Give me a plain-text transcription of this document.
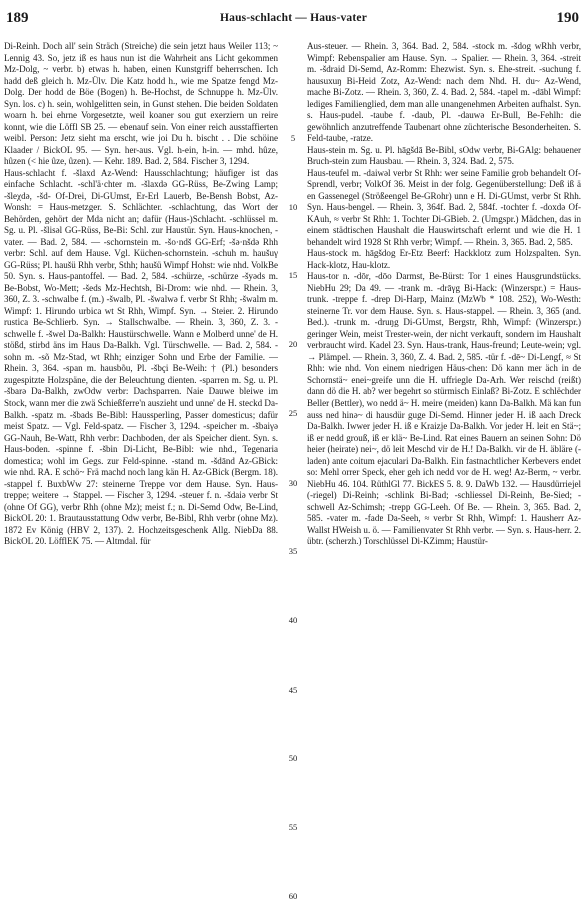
189	Haus-schlacht — Haus-vater	190

Di-Reinh. Doch all' sein Sträch (Streiche) die sein jetzt haus Weiler 113; ~ Lennig 43. So, jetz iß es haus nun ist die Wahrheit ans Licht gekommen Mz-Dolg, ~ verbr. b) etwas h. haben, einen Kunstgriff beherrschen. Ich hadd deß gleich h. Mz-Ülv. Die Katz hodd h., wie me Spatze fengd Mz-Dolg. Der hodd de Böe (Bogen) h. Be-Hochst, de Schnuppe h. Mz-Ülv. Syn. los. c) h. sein, wohlgelitten sein, in Gunst stehen. Die beiden Soldaten woarn h. bei ehrne Vorgesetzte, weil koaner sou gut exerziern un reire konnt, wie die Löffl SB 25. — ebenauf sein. Von einer reich ausstaffierten weibl. Person: Jetz sieht ma erscht, wie joi Du h. bischt . . Die schöine Klaader / BickOL 95. — Syn. her-aus. Vgl. h-ein, h-in. — mhd. hûze, hûzen (< hie ûze, ûzen). — Kehr. 189. Bad. 2, 584. Fischer 3, 1294.

Haus-schlacht f. -šlaxd Az-Wend: Hausschlachtung; häufiger ist das einfache Schlacht. -schl'ä·chter m. -šlaxdə GG-Rüss, Be-Zwing Lamp; -šleχdə, -šd- Of-Drei, Di-GUmst, Er-Erl Lauerb, Be-Bensh Bobst, Az-Wonsh: = Haus-metzger. S. Schlächter. -schlachtung, das Wort der Behörden, gehört der Mda nicht an; dafür (Haus-)Schlacht. -schlüssel m. Sg. u. Pl. -šlisəl GG-Rüss, Be-Bi: Schl. zur Haustür. Syn. Haus-knochen, -vater. — Bad. 2, 584. — -schornstein m. -šo·ndš GG-Erf; -šə·nšdə Rhh verbr: Schl. auf dem Hause. Vgl. Küchen-schornstein. -schuh m. haušuγ GG-Rüss; Pl. haušü Rhh verbr, Sthh; haušü Wimpf Hohst: wie nhd. VolkBe 50. Syn. s. Haus-pantoffel. — Bad. 2, 584. -schürze, -schürze -šyəds m. Be-Bobst, Wo-Mett; -šeds Mz-Hechtsh, Bi-Drom: wie nhd. — Rhein. 3, 360, Z. 3. -schwalbe f. (m.) -šwalb, Pl. -šwalwə f. verbr St Rhh; -šwalm m. Wimpf: 1. Hirundo urbica wt St Rhh, Wimpf. Syn. → Steier. 2. Hirundo rustica Be-Schlierb. Syn. → Stallschwalbe. — Rhein. 3, 360, Z. 3. -schwelle f. -šwel Da-Balkh: Haustürschwelle. Wann e Molberd unne' de H. stößd, stirbd äns im Haus Da-Balkh. Vgl. Türschwelle. — Bad. 2, 584. -sohn m. -sõ Mz-Stad, wt Rhh; einziger Sohn und Erbe der Familie. — Rhein. 3, 364. -span m. hausbõu, Pl. -šbçi Be-Weih: † (Pl.) besonders zugespitzte Holzspäne, die der Beleuchtung dienten. -sparren m. Sg. u. Pl. -šbarə Da-Balkh, zwOdw verbr: Dachsparren. Naie Dauwe bleiwe im Stock, wann mer die zwä Schießferre'n auszieht und unne' de H. steckd Da-Balkh. -spatz m. -šbads Be-Bibl: Haussperling, Passer domesticus; dafür meist Spatz. — Vgl. Feld-spatz. — Fischer 3, 1294. -speicher m. -šbaiγə GG-Nauh, Be-Watt, Rhh verbr: Dachboden, der als Speicher dient. Syn. s. Haus-boden. -spinne f. -šbin Di-Licht, Be-Bibl: wie nhd., Tegenaria domestica; wohl im Gegs. zur Feld-spinne. -stand m. -šdānd Az-GBick: wie nhd. RA. E schö~ Frä machd noch lang kän H. Az-GBick (Bergm. 18). -stappel f. BuxbWw 27: steinerne Treppe vor dem Hause. Syn. Haus-treppe; weitere → Stappel. — Fischer 3, 1294. -steuer f. n. -šdaiə verbr St (ohne Of GG), verbr Rhh (ohne Mz); meist f.; n. Di-Semd Odw, Be-Lind, BickOL 20: 1. Brautausstattung Odw verbr, Be-Bibl, Rhh verbr (ohne Mz). 1872 Ev König (HBV 2, 137). 2. Hochzeitsgeschenk Allg. NiebDa 88. BickOL 20. LöfflEK 75. — Altmdal. für

5
10
15
20
25
30
35
40
45
50
55
60

Aus-steuer. — Rhein. 3, 364. Bad. 2, 584. -stock m. -šdog wRhh verbr, Wimpf: Rebenspalier am Hause. Syn. → Spalier. — Rhein. 3, 364. -streit m. -šdraid Di-Semd, Az-Romm: Ehezwist. Syn. s. Ehe-streit. -suchung f. hausuxuŋ Bi-Heid Zotz, Az-Wend: nach dem Nhd. H. du~ Az-Wend, mache Bi-Zotz. — Rhein. 3, 360, Z. 4. Bad. 2, 584. -tapel m. -dābl Wimpf: lediges Familienglied, dem man alle unangenehmen Arbeiten aufhalst. Syn. s. Haus-pudel. -taube f. -daub, Pl. -dauwə Er-Bull, Be-Fehlh: die gewöhnlich anzutreffende Taubenart ohne züchterische Besonderheiten. S. Feld-taube, -ratze.

Haus-stein m. Sg. u. Pl. hāgšdā Be-Bibl, sOdw verbr, Bi-GAlg: behauener Bruch-stein zum Hausbau. — Rhein. 3, 324. Bad. 2, 575.

Haus-teufel m. -daiwəl verbr St Rhh: wer seine Familie grob behandelt Of-Sprendl, verbr; VolkOf 36. Meist in der folg. Gegenüberstellung: Deß iß ä en Gassenegel (Strößeengel Be-GRohr) unn e H. Di-GUmst, verbr St Rhh. Syn. Haus-bengel. — Rhein. 3, 364f. Bad. 2, 584f. -tochter f. -doxdə Of-KAuh, ≈ verbr St Rhh: 1. Tochter Di-GBieb. 2. (Umgspr.) Mädchen, das in einem städtischen Haushalt die Hauswirtschaft erlernt und wie die H. 1 behandelt wird 1928 St Rhh verbr; Wimpf. — Rhein. 3, 365. Bad. 2, 585.

Haus-stock m. hāgšdog Er-Etz Beerf: Hackklotz zum Holzspalten. Syn. Hack-klotz, Hau-klotz.

Haus-tor n. -dōr, -dōo Darmst, Be-Bürst: Tor 1 eines Hausgrundstücks. NiebHu 29; Da 49. — -trank m. -drāγg Bi-Hack: (Winzerspr.) = Haus-trunk. -treppe f. -drep Di-Harp, Mainz (MzWb * 108. 252), Wo-Westh: steinerne Tr. vor dem Hause. Syn. s. Haus-stappel. — Rhein. 3, 365 (and. Bed.). -trunk m. -druŋg Di-GUmst, Bergstr, Rhh, Wimpf: (Winzerspr.) geringer Wein, meist Trester-wein, der nicht verkauft, sondern im Haushalt verbraucht wird. Kadel 23. Syn. Haus-trank, Haus-freund; Leute-wein; vgl. → Plämpel. — Rhein. 3, 360, Z. 4. Bad. 2, 585. -tür f. -dē~ Di-Lengf, ≈ St Rhh: wie nhd. Von einem niedrigen Häus-chen: Dö kann mer äch in de Schornstä~ enei~greife unn die H. uffriegle Da-Arh. Wer reischd (reißt) dann dö die H. ab? wer begehrt so stürmisch Einlaß? Bi-Zotz. E schlëchder Beller (Bettler), wo nedd ä~ H. meire (meiden) kann Da-Balkh. Mä kan fun auss ned hinə~ di hausdür guge Di-Semd. Hinner jeder H. iß aach Dreck Da-Balkh. Iwwer jeder H. iß e Kraizje Da-Balkh. Vor jeder H. leit en Stä~; iß er nedd grouß, iß er klä~ Be-Lind. Rat eines Bauern an seinen Sohn: Dö heier (heirate) nei~, dö leit Meschd vir de H.! Da-Balkh. vir de H. äbläre (-laden) ante coitum ejaculari Da-Balkh. Ein fastnachtlicher Kerbevers endet so: Mehl orrer Speck, eher geh ich nedd vor de H. weg! Az-Berm, ~ verbr. NiebHu 46. 104. RüthlGl 77. BickES 5. 8. 9. DaWb 132. — Hausdürriejel (-riegel) Di-Reinh; -schlink Bi-Bad; -schliessel Di-Reinh, Be-Sied; -schwell Az-Schimsh; -trepp GG-Leeh. Of Be. — Rhein. 3, 365. Bad. 2, 585. -vater m. -fadɐ Da-Seeh, ≈ verbr St Rhh, Wimpf: 1. Hausherr Az-Wallst HWeish u. ö. — Familienvater St Rhh verbr. — Syn. s. Haus-herr. 2. übtr. (scherzh.) Torschlüssel Di-KZimm; Haustür-
